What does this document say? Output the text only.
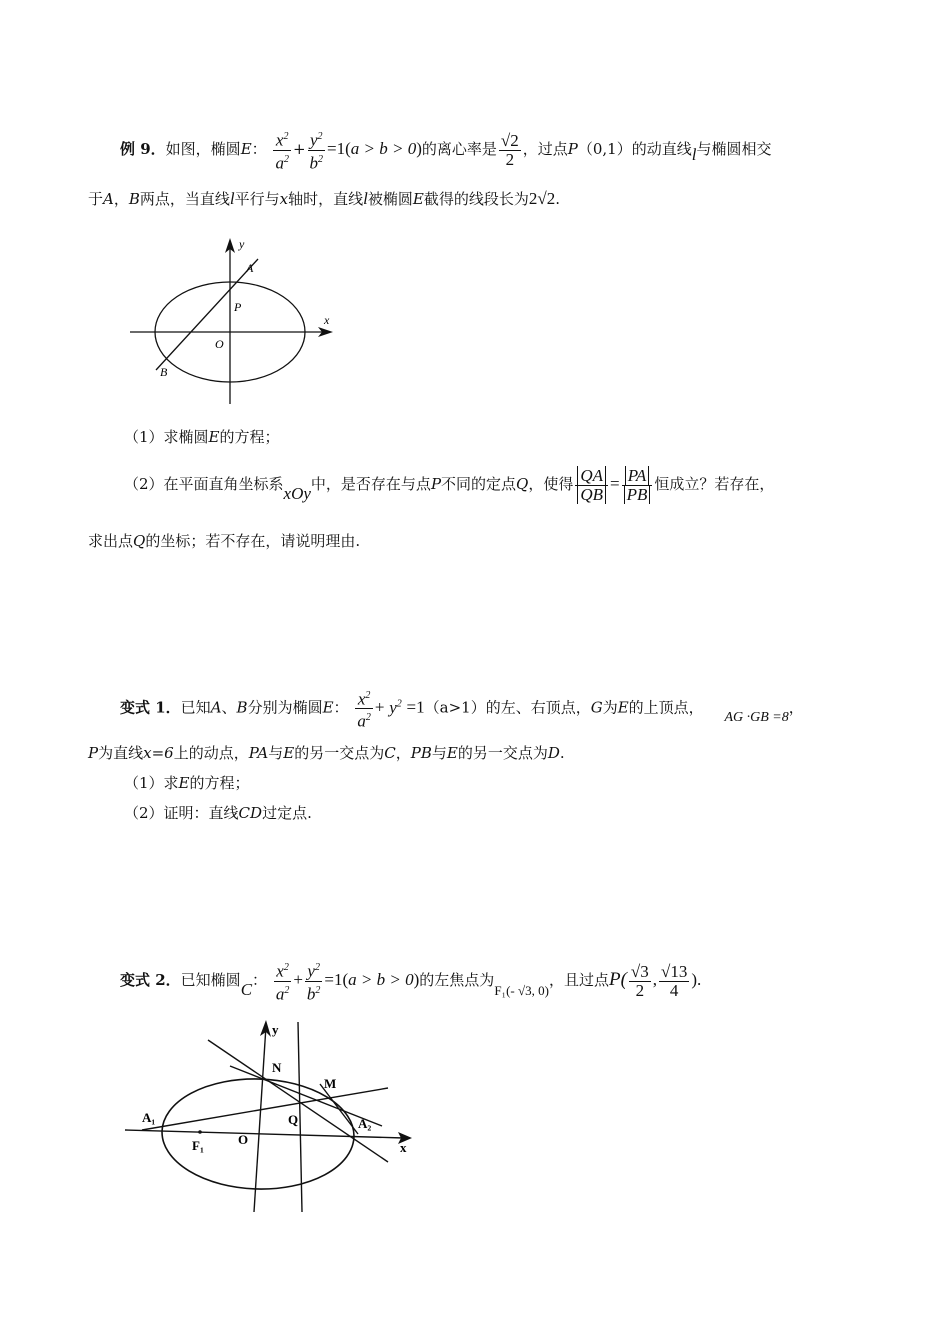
例 9．如图，椭圆E： $\frac{x^2}{a^2} + \frac{y^2}{b^2} =1(a > b > 0)$的离心率是 $\frac{√2}{2}$ ，过点P（0,1）的动直线l与椭圆相交
于A，B两点，当直线l平行与x轴时，直线l被椭圆E截得的线段长为2√2.
y
x
A
P
O
B
（1）求椭圆E的方程；
（2）在平面直角坐标系xOy中，是否存在与点P不同的定点Q，使得 $\frac{QA}{QB} = \frac{PA}{PB}$ 恒成立？若存在，
求出点Q的坐标；若不存在，请说明理由.
变式 1．已知A、B分别为椭圆E： $\frac{x^2}{a^2} + y^2 =1(a>1)$的左、右顶点，G为E的上顶点， AG ·GB =8，
P为直线x=6上的动点，PA与E的另一交点为C，PB与E的另一交点为D.
（1）求E的方程；
（2）证明：直线CD过定点.
变式 2．已知椭圆C： $\frac{x^2}{a^2} + \frac{y^2}{b^2} =1(a > b > 0)$的左焦点为F₁(- √3, 0)，且过点$P( \frac{√3}{2}$ , $\frac{√13}{4}$ ).
y
x
N
M
Q
A₁	A₂
F₁	O
